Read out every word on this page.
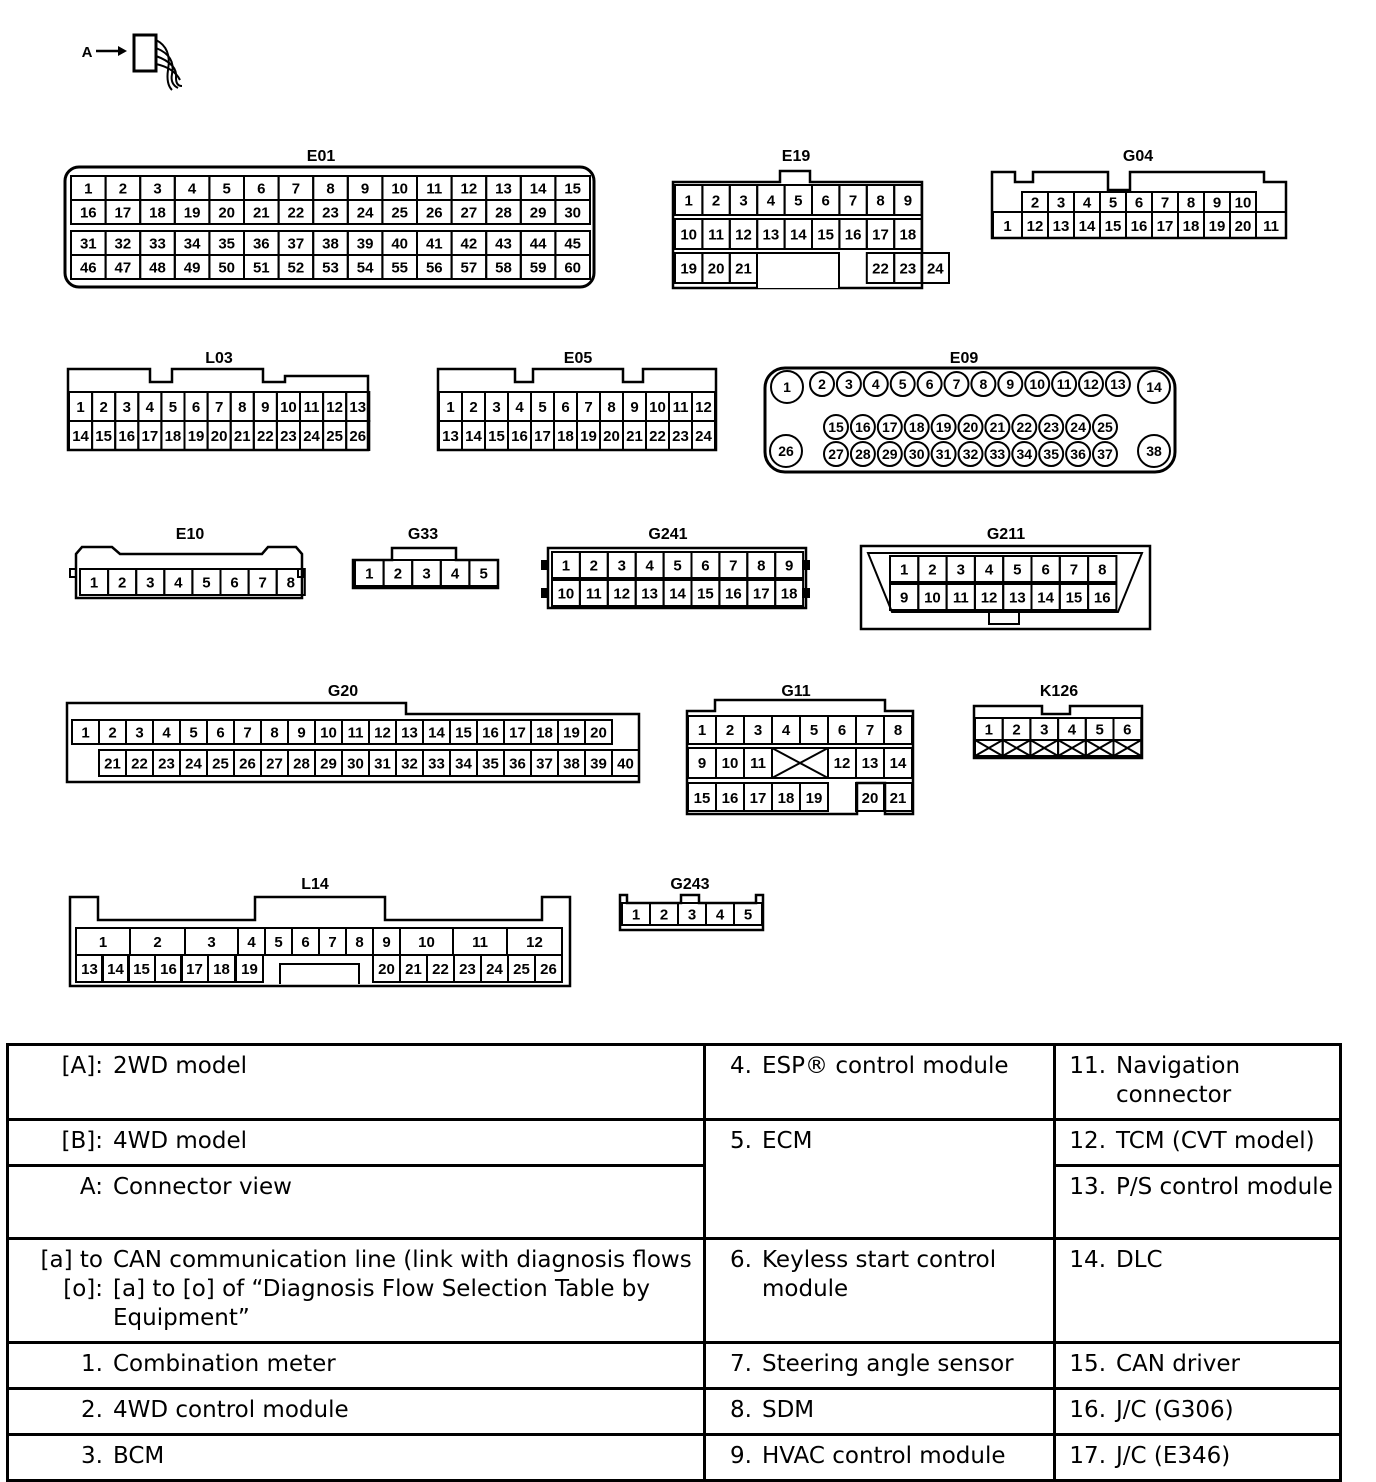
E01
1 2 3 4 5 6 7 8 9 10 11 12 13 14 15
16 17 18 19 20 21 22 23 24 25 26 27 28 29 30
31 32 33 34 35 36 37 38 39 40 41 42 43 44 45
46 47 48 49 50 51 52 53 54 55 56 57 58 59 60
E19
1 2 3 4 5 6 7 8 9
10 11 12 13 14 15 16 17 18
19 20 21	22 23 24
G04
2 3 4 5 6 7 8 9 10
1 12 13 14 15 16 17 18 19 20 11
L03
1 2 3 4 5 6 7 8 9 10 11 12 13
14 15 16 17 18 19 20 21 22 23 24 25 26
E05
1 2 3 4 5 6 7 8 9 10 11 12
13 14 15 16 17 18 19 20 21 22 23 24
E09
1 2 3 4 5 6 7 8 9 10 11 12 13 14
15 16 17 18 19 20 21 22 23 24 25
26 27 28 29 30 31 32 33 34 35 36 37 38
E10
1 2 3 4 5 6 7 8
G33
1 2 3 4 5
G241
1 2 3 4 5 6 7 8 9
10 11 12 13 14 15 16 17 18
G211
1 2 3 4 5 6 7 8
9 10 11 12 13 14 15 16
G20
1 2 3 4 5 6 7 8 9 10 11 12 13 14 15 16 17 18 19 20
21 22 23 24 25 26 27 28 29 30 31 32 33 34 35 36 37 38 39 40
G11
1 2 3 4 5 6 7 8
9 10 11	12 13 14
15 16 17 18 19	20 21
K126
1 2 3 4 5 6
L14
1	2	3 4 5 6 7 8 9 10 11	12
13 14 15 16 17 18 19	20 21 22 23 24 25 26
G243
1 2 3 4 5
A
[A]: 2WD model	4. ESP® control module	11. Navigation connector

[B]: 4WD model		12. TCM (CVT model)

	5. ECM	

A: Connector view		13. P/S control module

[a] to
[o]:
CAN communication line (link with diagnosis flows [a] to [o] of “Diagnosis Flow Selection Table by Equipment”	6. Keyless start control module	14. DLC

1. Combination meter	7. Steering angle sensor	15. CAN driver

2. 4WD control module	8. SDM	16. J/C (G306)

3. BCM	9. HVAC control module	17. J/C (E346)
